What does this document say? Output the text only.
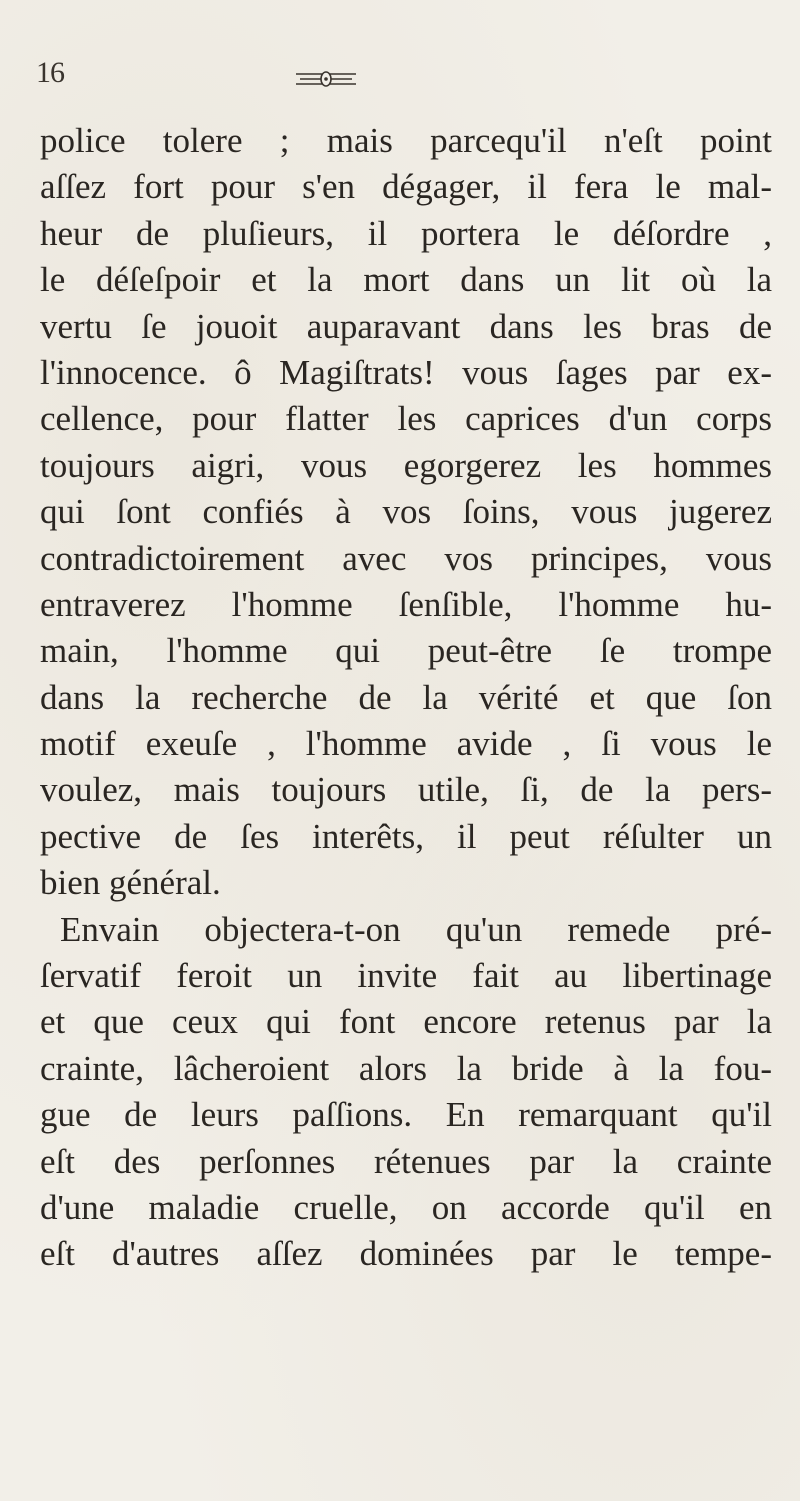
16
police tolere ; mais parcequ'il n'eſt point
aſſez fort pour s'en dégager, il fera le mal-
heur de pluſieurs, il portera le déſordre ,
le déſeſpoir et la mort dans un lit où la
vertu ſe jouoit auparavant dans les bras de
l'innocence. ô Magiſtrats! vous ſages par ex-
cellence, pour flatter les caprices d'un corps
toujours aigri, vous egorgerez les hommes
qui ſont confiés à vos ſoins, vous jugerez
contradictoirement avec vos principes, vous
entraverez l'homme ſenſible, l'homme hu-
main, l'homme qui peut-être ſe trompe
dans la recherche de la vérité et que ſon
motif exeuſe , l'homme avide , ſi vous le
voulez, mais toujours utile, ſi, de la pers-
pective de ſes interêts, il peut réſulter un
bien général.
Envain objectera-t-on qu'un remede pré-
ſervatif feroit un invite fait au libertinage
et que ceux qui font encore retenus par la
crainte, lâcheroient alors la bride à la fou-
gue de leurs paſſions. En remarquant qu'il
eſt des perſonnes rétenues par la crainte
d'une maladie cruelle, on accorde qu'il en
eſt d'autres aſſez dominées par le tempe-
